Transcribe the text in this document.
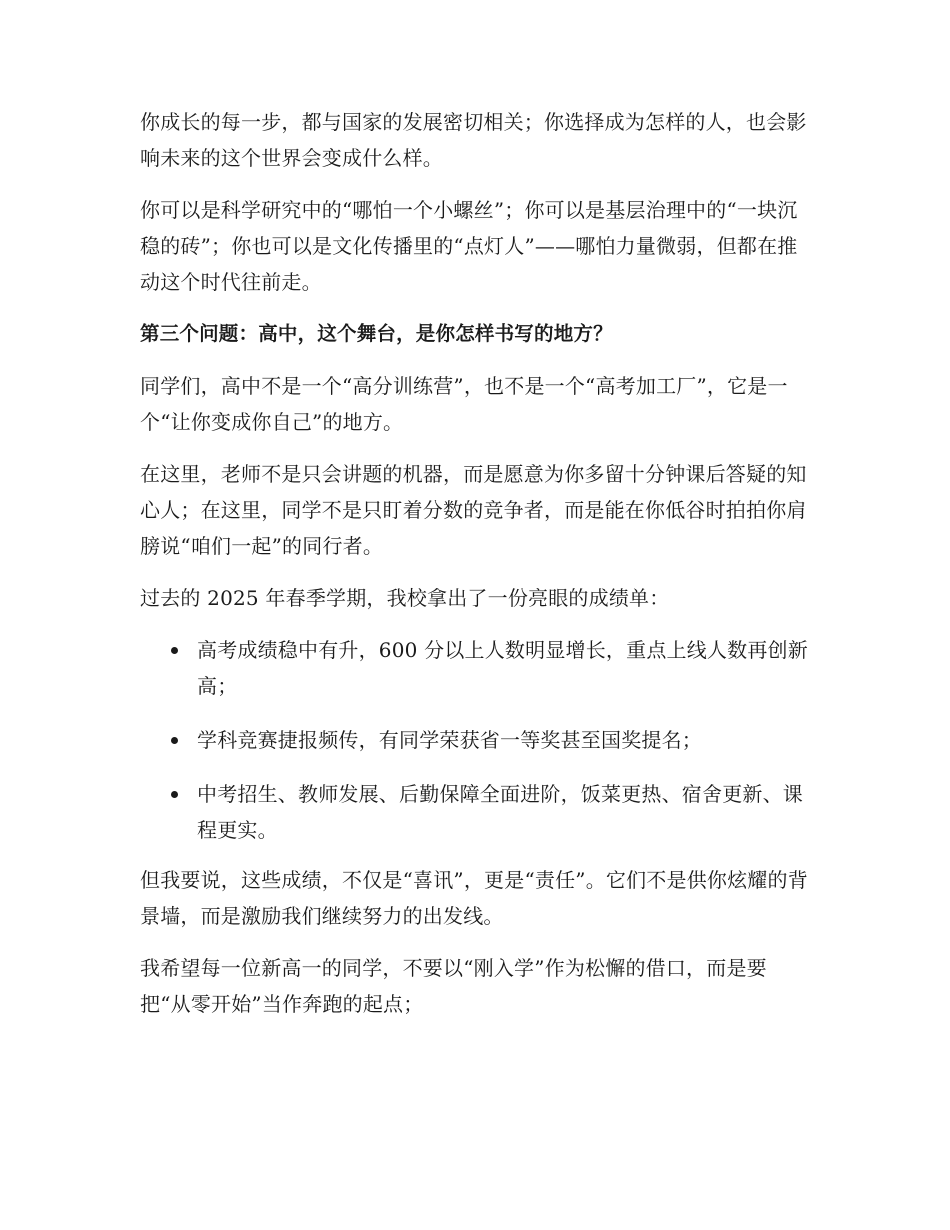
你成长的每一步，都与国家的发展密切相关；你选择成为怎样的人，也会影响未来的这个世界会变成什么样。

你可以是科学研究中的“哪怕一个小螺丝”；你可以是基层治理中的“一块沉稳的砖”；你也可以是文化传播里的“点灯人”——哪怕力量微弱，但都在推动这个时代往前走。

第三个问题：高中，这个舞台，是你怎样书写的地方？

同学们，高中不是一个“高分训练营”，也不是一个“高考加工厂”，它是一个“让你变成你自己”的地方。

在这里，老师不是只会讲题的机器，而是愿意为你多留十分钟课后答疑的知心人；在这里，同学不是只盯着分数的竞争者，而是能在你低谷时拍拍你肩膀说“咱们一起”的同行者。

过去的 2025 年春季学期，我校拿出了一份亮眼的成绩单：

高考成绩稳中有升，600 分以上人数明显增长，重点上线人数再创新高；
学科竞赛捷报频传，有同学荣获省一等奖甚至国奖提名；
中考招生、教师发展、后勤保障全面进阶，饭菜更热、宿舍更新、课程更实。

但我要说，这些成绩，不仅是“喜讯”，更是“责任”。它们不是供你炫耀的背景墙，而是激励我们继续努力的出发线。

我希望每一位新高一的同学，不要以“刚入学”作为松懈的借口，而是要把“从零开始”当作奔跑的起点；
